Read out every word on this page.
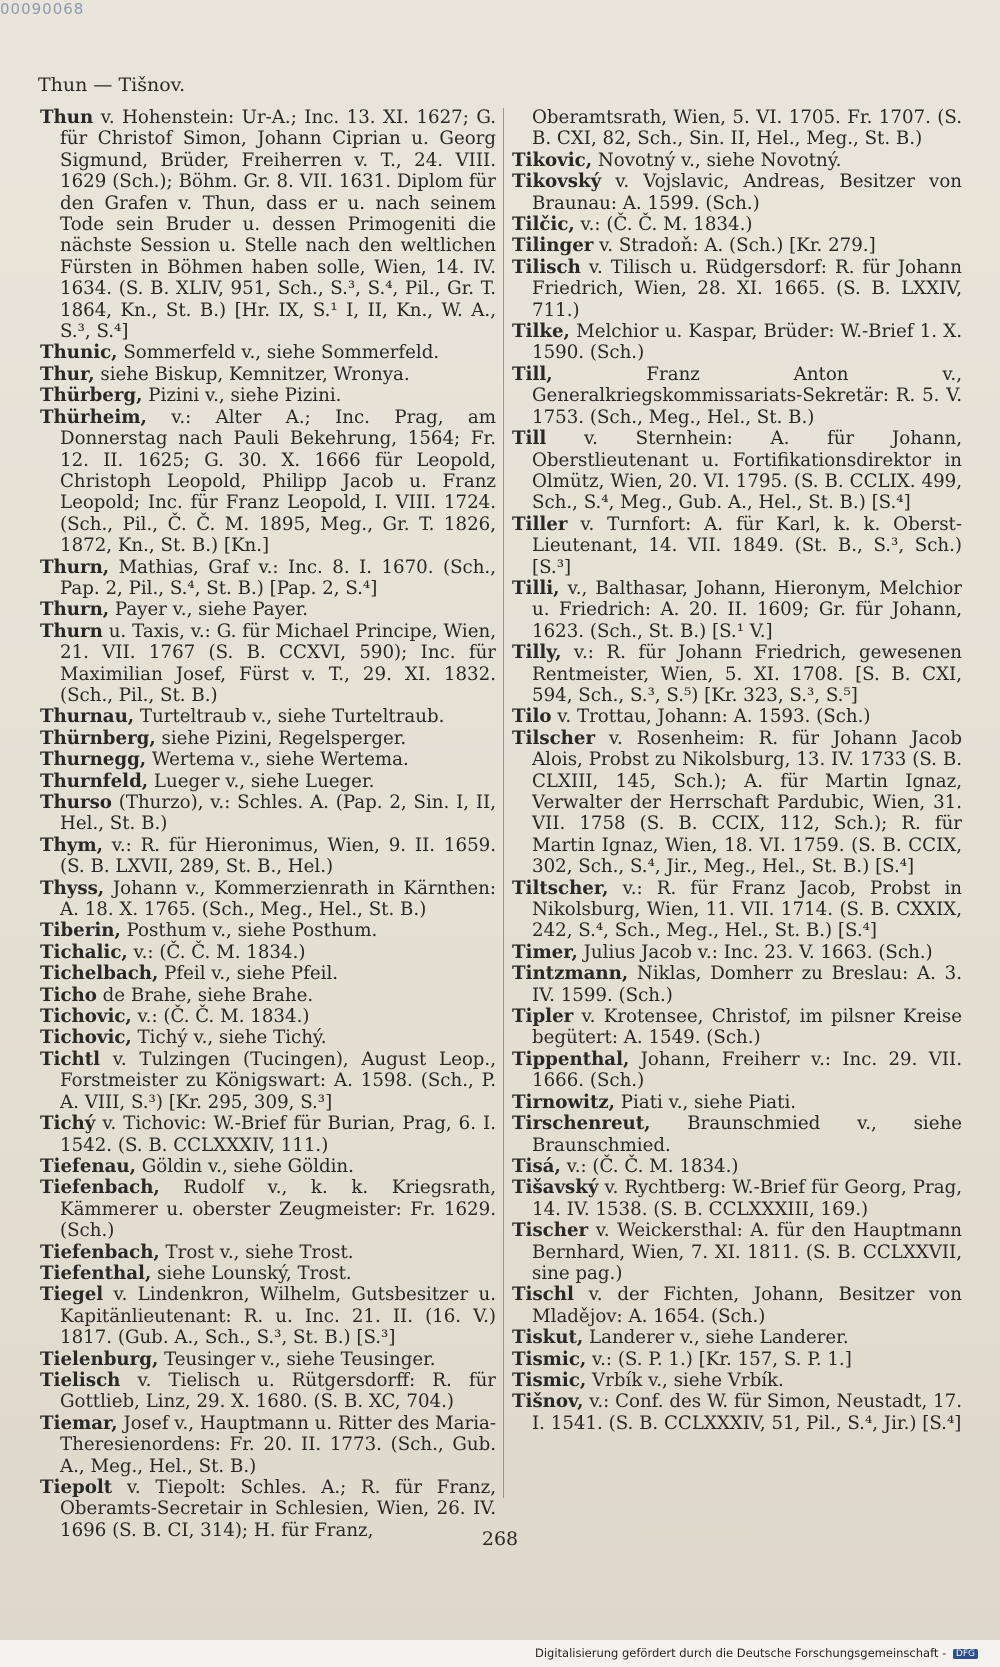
00090068
Thun — Tišnov.
Thun v. Hohenstein: Ur-A.; Inc. 13. XI. 1627; G. für Christof Simon, Johann Ciprian u. Georg Sigmund, Brüder, Freiherren v. T., 24. VIII. 1629 (Sch.); Böhm. Gr. 8. VII. 1631. Diplom für den Grafen v. Thun, dass er u. nach seinem Tode sein Bruder u. dessen Primogeniti die nächste Session u. Stelle nach den weltlichen Fürsten in Böhmen haben solle, Wien, 14. IV. 1634. (S. B. XLIV, 951, Sch., S.³, S.⁴, Pil., Gr. T. 1864, Kn., St. B.) [Hr. IX, S.¹ I, II, Kn., W. A., S.³, S.⁴]
Thunic, Sommerfeld v., siehe Sommerfeld.
Thur, siehe Biskup, Kemnitzer, Wronya.
Thürberg, Pizini v., siehe Pizini.
Thürheim, v.: Alter A.; Inc. Prag, am Donnerstag nach Pauli Bekehrung, 1564; Fr. 12. II. 1625; G. 30. X. 1666 für Leopold, Christoph Leopold, Philipp Jacob u. Franz Leopold; Inc. für Franz Leopold, I. VIII. 1724. (Sch., Pil., Č. Č. M. 1895, Meg., Gr. T. 1826, 1872, Kn., St. B.) [Kn.]
Thurn, Mathias, Graf v.: Inc. 8. I. 1670. (Sch., Pap. 2, Pil., S.⁴, St. B.) [Pap. 2, S.⁴]
Thurn, Payer v., siehe Payer.
Thurn u. Taxis, v.: G. für Michael Principe, Wien, 21. VII. 1767 (S. B. CCXVI, 590); Inc. für Maximilian Josef, Fürst v. T., 29. XI. 1832. (Sch., Pil., St. B.)
Thurnau, Turteltraub v., siehe Turteltraub.
Thürnberg, siehe Pizini, Regelsperger.
Thurnegg, Wertema v., siehe Wertema.
Thurnfeld, Lueger v., siehe Lueger.
Thurso (Thurzo), v.: Schles. A. (Pap. 2, Sin. I, II, Hel., St. B.)
Thym, v.: R. für Hieronimus, Wien, 9. II. 1659. (S. B. LXVII, 289, St. B., Hel.)
Thyss, Johann v., Kommerzienrath in Kärnthen: A. 18. X. 1765. (Sch., Meg., Hel., St. B.)
Tiberin, Posthum v., siehe Posthum.
Tichalic, v.: (Č. Č. M. 1834.)
Tichelbach, Pfeil v., siehe Pfeil.
Ticho de Brahe, siehe Brahe.
Tichovic, v.: (Č. Č. M. 1834.)
Tichovic, Tichý v., siehe Tichý.
Tichtl v. Tulzingen (Tucingen), August Leop., Forstmeister zu Königswart: A. 1598. (Sch., P. A. VIII, S.³) [Kr. 295, 309, S.³]
Tichý v. Tichovic: W.-Brief für Burian, Prag, 6. I. 1542. (S. B. CCLXXXIV, 111.)
Tiefenau, Göldin v., siehe Göldin.
Tiefenbach, Rudolf v., k. k. Kriegsrath, Kämmerer u. oberster Zeugmeister: Fr. 1629. (Sch.)
Tiefenbach, Trost v., siehe Trost.
Tiefenthal, siehe Lounský, Trost.
Tiegel v. Lindenkron, Wilhelm, Gutsbesitzer u. Kapitänlieutenant: R. u. Inc. 21. II. (16. V.) 1817. (Gub. A., Sch., S.³, St. B.) [S.³]
Tielenburg, Teusinger v., siehe Teusinger.
Tielisch v. Tielisch u. Rütgersdorff: R. für Gottlieb, Linz, 29. X. 1680. (S. B. XC, 704.)
Tiemar, Josef v., Hauptmann u. Ritter des Maria-Theresienordens: Fr. 20. II. 1773. (Sch., Gub. A., Meg., Hel., St. B.)
Tiepolt v. Tiepolt: Schles. A.; R. für Franz, Oberamts-Secretair in Schlesien, Wien, 26. IV. 1696 (S. B. CI, 314); H. für Franz,
Oberamtsrath, Wien, 5. VI. 1705. Fr. 1707. (S. B. CXI, 82, Sch., Sin. II, Hel., Meg., St. B.)
Tikovic, Novotný v., siehe Novotný.
Tikovský v. Vojslavic, Andreas, Besitzer von Braunau: A. 1599. (Sch.)
Tilčic, v.: (Č. Č. M. 1834.)
Tilinger v. Stradoň: A. (Sch.) [Kr. 279.]
Tilisch v. Tilisch u. Rüdgersdorf: R. für Johann Friedrich, Wien, 28. XI. 1665. (S. B. LXXIV, 711.)
Tilke, Melchior u. Kaspar, Brüder: W.-Brief 1. X. 1590. (Sch.)
Till, Franz Anton v., Generalkriegskommissariats-Sekretär: R. 5. V. 1753. (Sch., Meg., Hel., St. B.)
Till v. Sternhein: A. für Johann, Oberstlieutenant u. Fortifikationsdirektor in Olmütz, Wien, 20. VI. 1795. (S. B. CCLIX. 499, Sch., S.⁴, Meg., Gub. A., Hel., St. B.) [S.⁴]
Tiller v. Turnfort: A. für Karl, k. k. Oberst-Lieutenant, 14. VII. 1849. (St. B., S.³, Sch.) [S.³]
Tilli, v., Balthasar, Johann, Hieronym, Melchior u. Friedrich: A. 20. II. 1609; Gr. für Johann, 1623. (Sch., St. B.) [S.¹ V.]
Tilly, v.: R. für Johann Friedrich, gewesenen Rentmeister, Wien, 5. XI. 1708. [S. B. CXI, 594, Sch., S.³, S.⁵) [Kr. 323, S.³, S.⁵]
Tilo v. Trottau, Johann: A. 1593. (Sch.)
Tilscher v. Rosenheim: R. für Johann Jacob Alois, Probst zu Nikolsburg, 13. IV. 1733 (S. B. CLXIII, 145, Sch.); A. für Martin Ignaz, Verwalter der Herrschaft Pardubic, Wien, 31. VII. 1758 (S. B. CCIX, 112, Sch.); R. für Martin Ignaz, Wien, 18. VI. 1759. (S. B. CCIX, 302, Sch., S.⁴, Jir., Meg., Hel., St. B.) [S.⁴]
Tiltscher, v.: R. für Franz Jacob, Probst in Nikolsburg, Wien, 11. VII. 1714. (S. B. CXXIX, 242, S.⁴, Sch., Meg., Hel., St. B.) [S.⁴]
Timer, Julius Jacob v.: Inc. 23. V. 1663. (Sch.)
Tintzmann, Niklas, Domherr zu Breslau: A. 3. IV. 1599. (Sch.)
Tipler v. Krotensee, Christof, im pilsner Kreise begütert: A. 1549. (Sch.)
Tippenthal, Johann, Freiherr v.: Inc. 29. VII. 1666. (Sch.)
Tirnowitz, Piati v., siehe Piati.
Tirschenreut, Braunschmied v., siehe Braunschmied.
Tisá, v.: (Č. Č. M. 1834.)
Tišavský v. Rychtberg: W.-Brief für Georg, Prag, 14. IV. 1538. (S. B. CCLXXXIII, 169.)
Tischer v. Weickersthal: A. für den Hauptmann Bernhard, Wien, 7. XI. 1811. (S. B. CCLXXVII, sine pag.)
Tischl v. der Fichten, Johann, Besitzer von Mladějov: A. 1654. (Sch.)
Tiskut, Landerer v., siehe Landerer.
Tismic, v.: (S. P. 1.) [Kr. 157, S. P. 1.]
Tismic, Vrbík v., siehe Vrbík.
Tišnov, v.: Conf. des W. für Simon, Neustadt, 17. I. 1541. (S. B. CCLXXXIV, 51, Pil., S.⁴, Jir.) [S.⁴]
268
Digitalisierung gefördert durch die Deutsche Forschungsgemeinschaft - DFG
